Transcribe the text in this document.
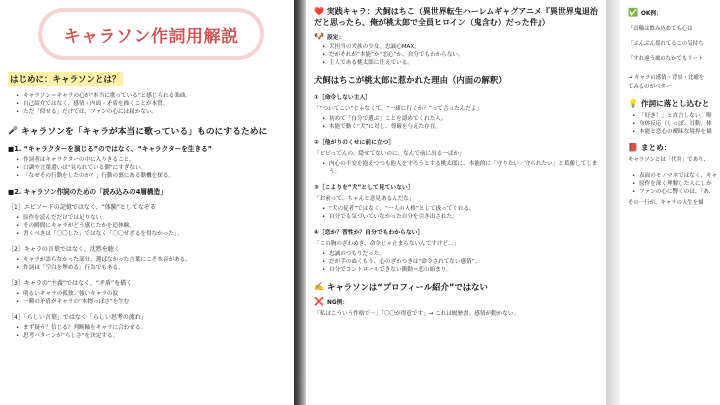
キャラソン作詞用解説
はじめに：キャラソンとは？
• キャラソン＝キャラの心が“本当に歌っている”と感じられる楽曲。
• 自己紹介ではなく、感情・内面・矛盾を描くことが本質。
• ただ「似せる」だけでは、ファンの心には届かない。
🎤 キャラソンを「キャラが本当に歌っている」ものにするために
■1. “キャラクターを演じる”のではなく、“キャラクターを生きる”
• 作詞者はキャラクターの中に入りきること。
• 口調や言葉遣いは“見られている側”にすぎない。
• 「なぜその行動をしたのか？」行動の裏にある動機を探る。
■2. キャラソン作詞のための「読み込みの4層構造」
［1］エピソードの記憶ではなく、“体験”としてなぞる
• 原作を読んだだけでは足りない。
• その瞬間にキャラがどう感じたかを追体験。
• 書くべきは「〇〇した」ではなく「〇〇せざるを得なかった」。
［2］キャラの言葉ではなく、沈黙を聴く
• キャラが語らなかった部分、選ばなかった言葉にこそ本音がある。
• 作詞は「空白を埋める」行為でもある。
［3］キャラの“主義”ではなく、“矛盾”を描く
• 明るいキャラの孤独／強いキャラの涙
• 一瞬の矛盾がキャラの“本物っぽさ”を生む
［4］「らしい言葉」ではなく「らしい思考の流れ」
• まず疑う？信じる？判断軸をキャラに合わせる。
• 思考パターンが“らしさ”を決定する。
❤️ 実践キャラ：犬飼はちこ（異世界転生ハーレムギャグアニメ『異世界鬼退治だと思ったら、俺が桃太郎で全員ヒロイン（鬼含む）だった件』）
🐶 設定：
• 犬担当の犬族の少女。忠誠心MAX。
• だがそれが“本能”か“恋心”か、自分でもわからない。
• 主人である桃太郎に仕えている。
犬飼はちこが桃太郎に惹かれた理由（内面の解釈）
①［命令しない主人］
「“ついてこい”じゃなくて、“一緒に行くか？”って言ったんだよ」
• 初めて「自分で選ぶ」ことを認めてくれた人。
• 本能で動く“犬”に対し、尊厳を与えた存在。
②［他がりのくせに前に立つ］
「ビビってんの、隠せてないのに。なんで前に出る一ばか」
• 内心の不安を抱えつつも他人を守ろうとする桃太郎に、本能的に「守りたい／守られたい」と葛藤してしまう。
③［こよりを“犬”として見ていない］
「お前って、ちゃんと意見あるんだな」
• “犬の従者”ではなく、“一人の人格”として扱ってくれる。
• 自分でも気づいていなかった自分を引き出された。
④［恋か？習性か？自分でもわからない］
「この胸のざわめき、命令じゃ止まらないんですけど…」
• 忠誠のつもりだった。
• だが手のぬくもり、心のざわつきは“命令されてない感情”。
• 自分でコントロールできない衝動＝恋の始まり。
✍️ キャラソンは“プロフィール紹介”ではない
❌ NG例：
「私はこういう性格で〜」「〇〇が得意です」→ これは履歴書。感情が動かない。
✅ OK例：
「首輪は飲み込めても心は
「ぶんぶん揺れてるこの気持ち
「すれ違う風のなかでもリート
→ キャラの感情・背景・比喩を
てみるのがベター
💡 作詞に落とし込むと
• 「好き！」と直言しない。喉
• 身体反応（しっぽ、耳動、体
• 本能と恋心の曖昧な境界を描
📕 まとめ：
キャラソンとは「代弁」であり、
• 表面のモノマネではなく、キャ
• 原作を深く理解した人にしか
• ファンの心に響くのは、「あ、
その一行が、キャラの人生を描
